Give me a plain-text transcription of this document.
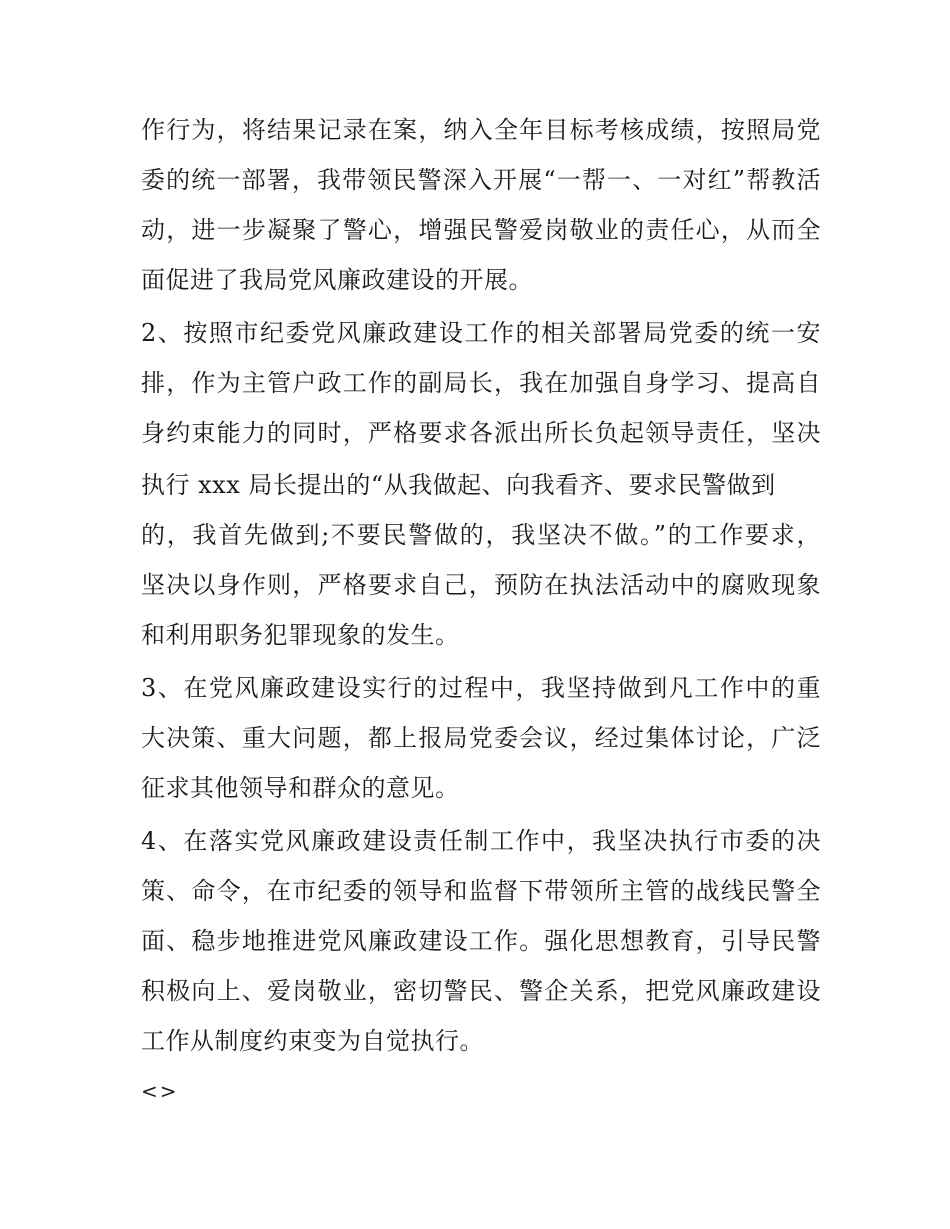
作行为，将结果记录在案，纳入全年目标考核成绩，按照局党
委的统一部署，我带领民警深入开展“一帮一、一对红”帮教活
动，进一步凝聚了警心，增强民警爱岗敬业的责任心，从而全
面促进了我局党风廉政建设的开展。
2、按照市纪委党风廉政建设工作的相关部署局党委的统一安
排，作为主管户政工作的副局长，我在加强自身学习、提高自
身约束能力的同时，严格要求各派出所长负起领导责任，坚决
执行 xxx 局长提出的“从我做起、向我看齐、要求民警做到
的，我首先做到;不要民警做的，我坚决不做。”的工作要求，
坚决以身作则，严格要求自己，预防在执法活动中的腐败现象
和利用职务犯罪现象的发生。
3、在党风廉政建设实行的过程中，我坚持做到凡工作中的重
大决策、重大问题，都上报局党委会议，经过集体讨论，广泛
征求其他领导和群众的意见。
4、在落实党风廉政建设责任制工作中，我坚决执行市委的决
策、命令，在市纪委的领导和监督下带领所主管的战线民警全
面、稳步地推进党风廉政建设工作。强化思想教育，引导民警
积极向上、爱岗敬业，密切警民、警企关系，把党风廉政建设
工作从制度约束变为自觉执行。
<>
